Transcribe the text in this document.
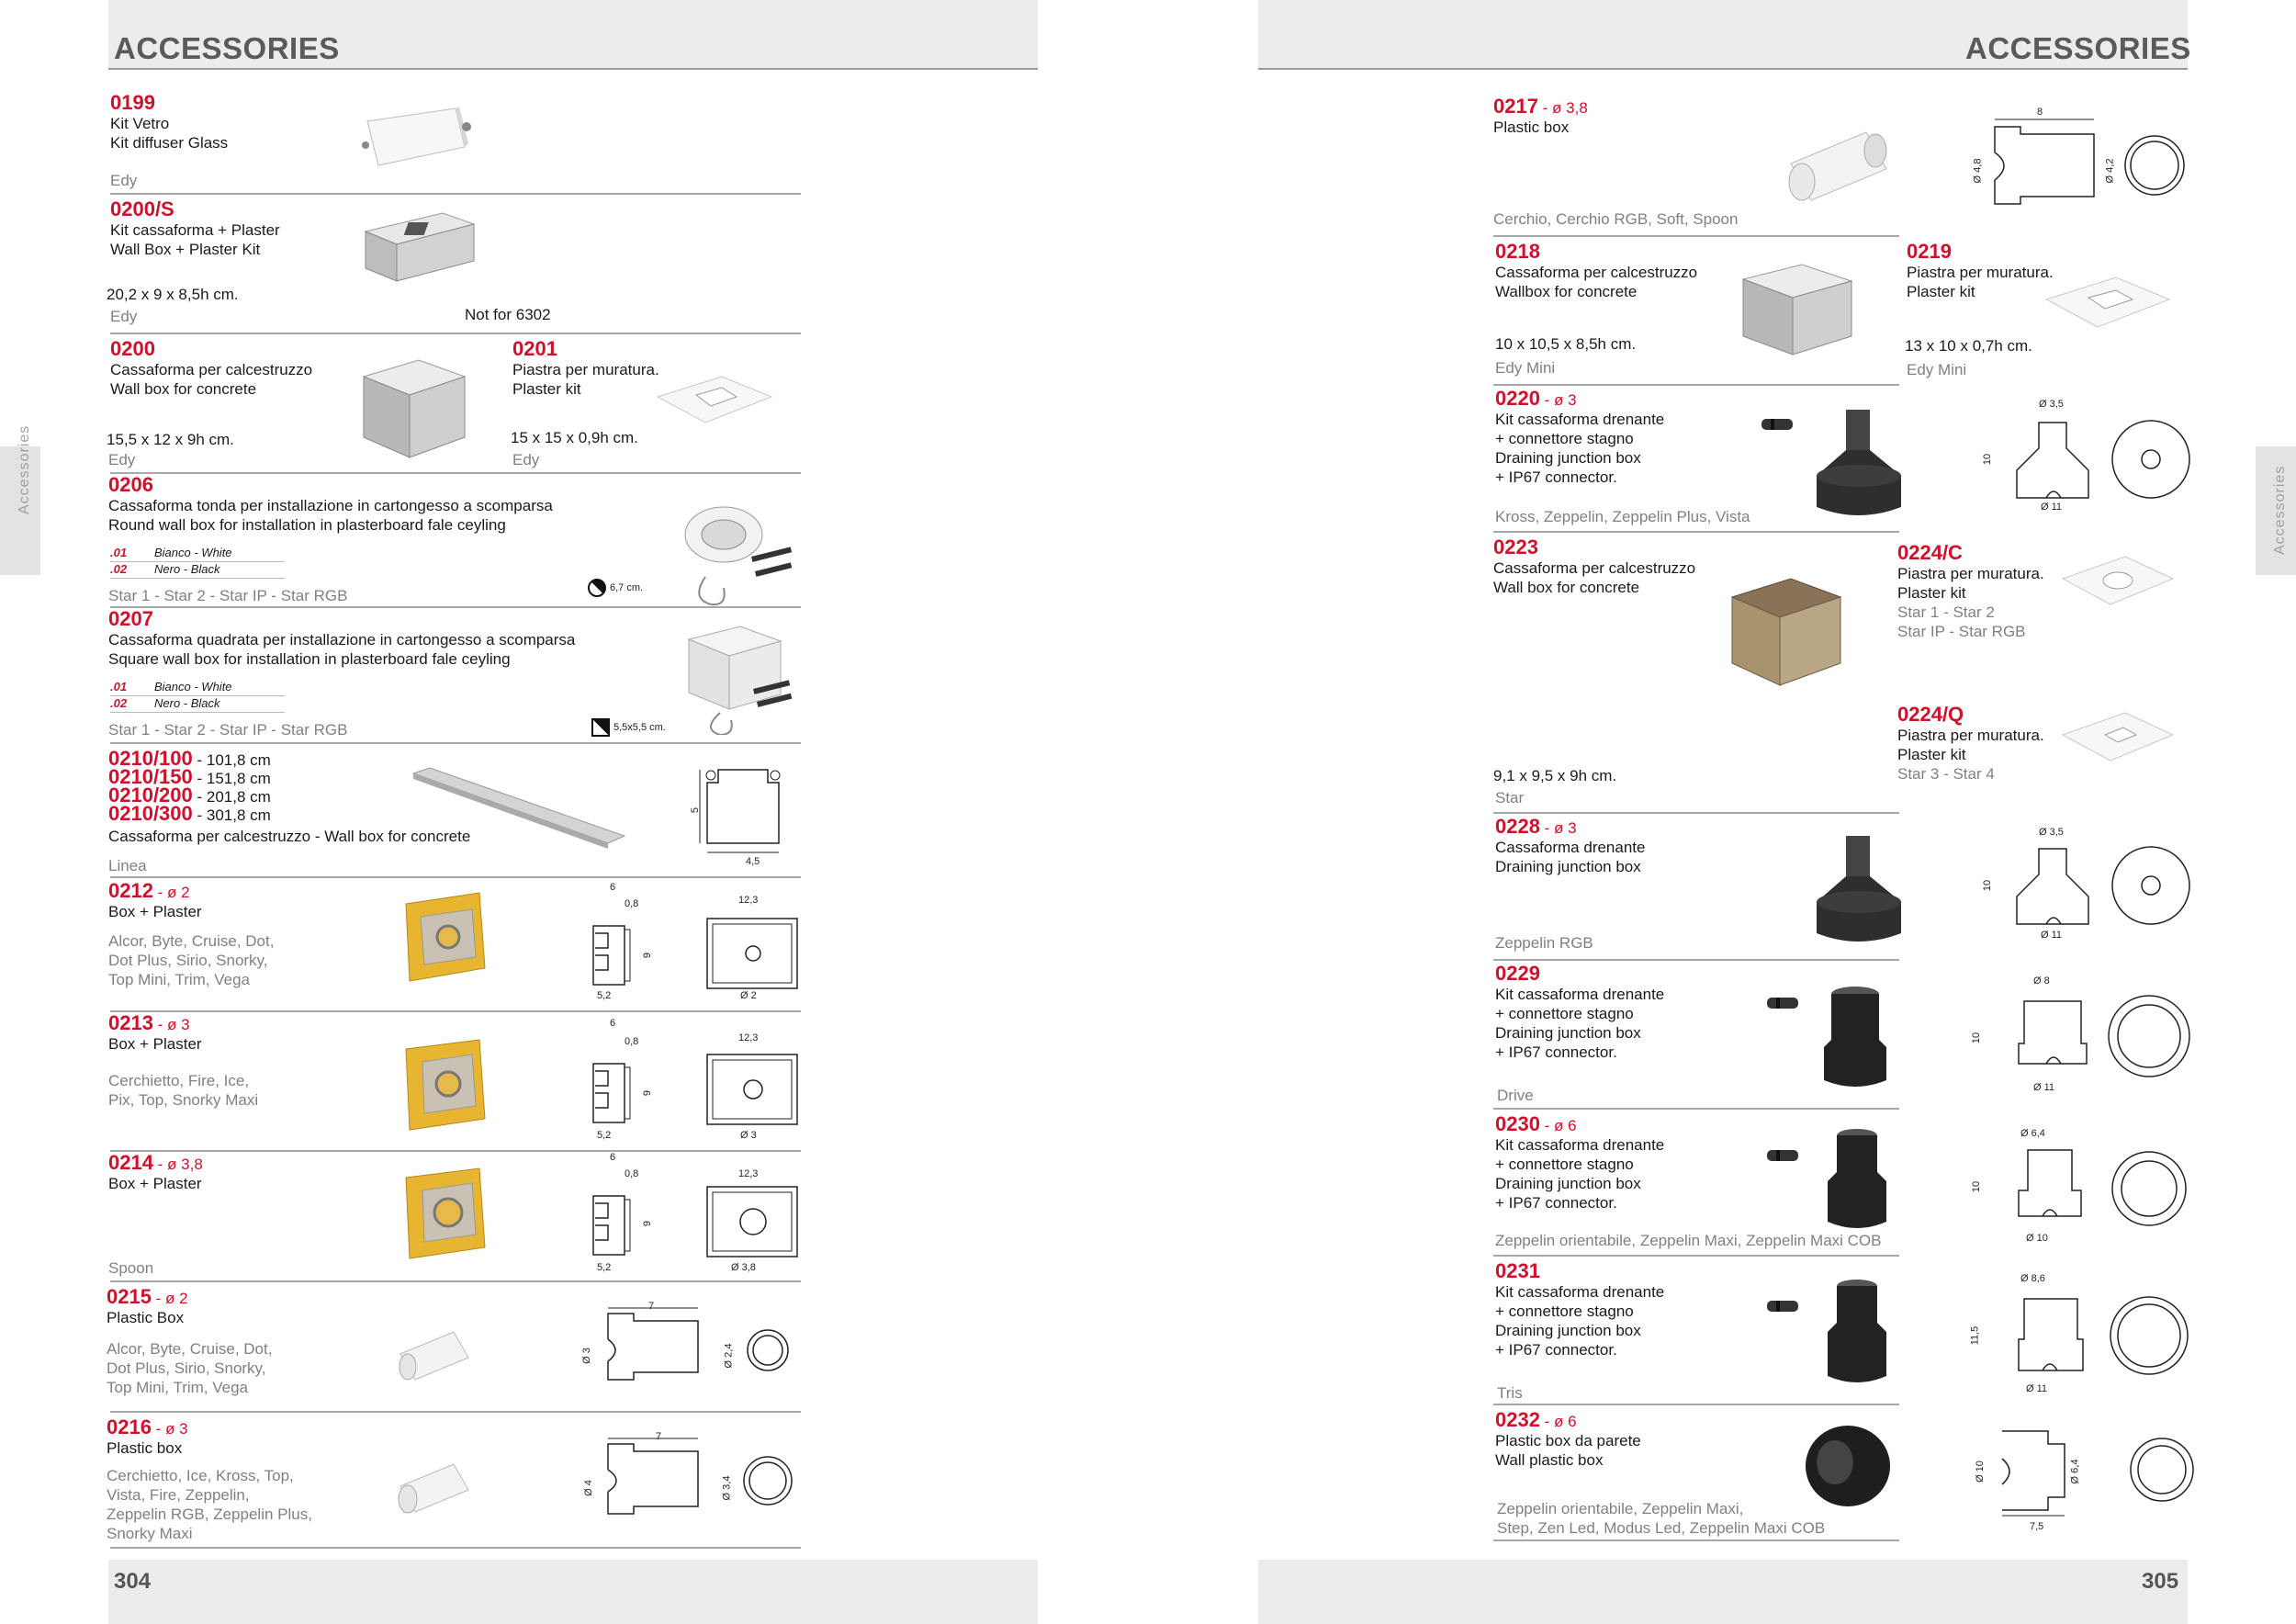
ACCESSORIES	ACCESSORIES
304	305
Accessories	Accessories
0199
Kit Vetro
Kit diffuser Glass
Edy
0200/S
Kit cassaforma + Plaster
Wall Box + Plaster Kit
20,2 x 9 x 8,5h cm.
Edy	Not for 6302
0200
Cassaforma per calcestruzzo
Wall box for concrete
15,5 x 12 x 9h cm.
Edy
0201
Piastra per muratura.
Plaster kit
15 x 15 x 0,9h cm.
Edy
0206
Cassaforma tonda per installazione in cartongesso a scomparsa
Round wall box for installation in plasterboard fale ceyling
.01 Bianco - White
.02 Nero - Black
Star 1 - Star 2 - Star IP - Star RGB	6,7 cm.
0207
Cassaforma quadrata per installazione in cartongesso a scomparsa
Square wall box for installation in plasterboard fale ceyling
.01 Bianco - White
.02 Nero - Black
Star 1 - Star 2 - Star IP - Star RGB	5,5x5,5 cm.
0210/100 - 101,8 cm
0210/150 - 151,8 cm
0210/200 - 201,8 cm
0210/300 - 301,8 cm
Cassaforma per calcestruzzo - Wall box for concrete
Linea
5
4,5
0212 - ø 2
Box + Plaster
Alcor, Byte, Cruise, Dot,
Dot Plus, Sirio, Snorky,
Top Mini, Trim, Vega
6
0,8	12,3
9
5,2	Ø 2
0213 - ø 3
Box + Plaster
Cerchietto, Fire, Ice,
Pix, Top, Snorky Maxi
6
0,8	12,3
9
5,2	Ø 3
0214 - ø 3,8
Box + Plaster
Spoon
6
0,8	12,3
9
5,2	Ø 3,8
0215 - ø 2
Plastic Box
Alcor, Byte, Cruise, Dot,
Dot Plus, Sirio, Snorky,
Top Mini, Trim, Vega
7
Ø 3	Ø 2,4
0216 - ø 3
Plastic box
Cerchietto, Ice, Kross, Top,
Vista, Fire, Zeppelin,
Zeppelin RGB, Zeppelin Plus,
Snorky Maxi
7
Ø 4	Ø 3,4
0217 - ø 3,8
Plastic box
Cerchio, Cerchio RGB, Soft, Spoon
8
Ø 4,8	Ø 4,2
0218
Cassaforma per calcestruzzo
Wallbox for concrete
10 x 10,5 x 8,5h cm.
Edy Mini
0219
Piastra per muratura.
Plaster kit
13 x 10 x 0,7h cm.
Edy Mini
0220 - ø 3
Kit cassaforma drenante
+ connettore stagno
Draining junction box
+ IP67 connector.
Kross, Zeppelin, Zeppelin Plus, Vista
Ø 3,5
10
Ø 11
0223
Cassaforma per calcestruzzo
Wall box for concrete
9,1 x 9,5 x 9h cm.
Star
0224/C
Piastra per muratura.
Plaster kit
Star 1 - Star 2
Star IP - Star RGB
0224/Q
Piastra per muratura.
Plaster kit
Star 3 - Star 4
0228 - ø 3
Cassaforma drenante
Draining junction box
Zeppelin RGB
Ø 3,5
10
Ø 11
0229
Kit cassaforma drenante
+ connettore stagno
Draining junction box
+ IP67 connector.
Drive
Ø 8
10
Ø 11
0230 - ø 6
Kit cassaforma drenante
+ connettore stagno
Draining junction box
+ IP67 connector.
Zeppelin orientabile, Zeppelin Maxi, Zeppelin Maxi COB
Ø 6,4
10
Ø 10
0231
Kit cassaforma drenante
+ connettore stagno
Draining junction box
+ IP67 connector.
Tris
Ø 8,6
11,5
Ø 11
0232 - ø 6
Plastic box da parete
Wall plastic box
Zeppelin orientabile, Zeppelin Maxi,
Step, Zen Led, Modus Led, Zeppelin Maxi COB
Ø 10	Ø 6,4
7,5
